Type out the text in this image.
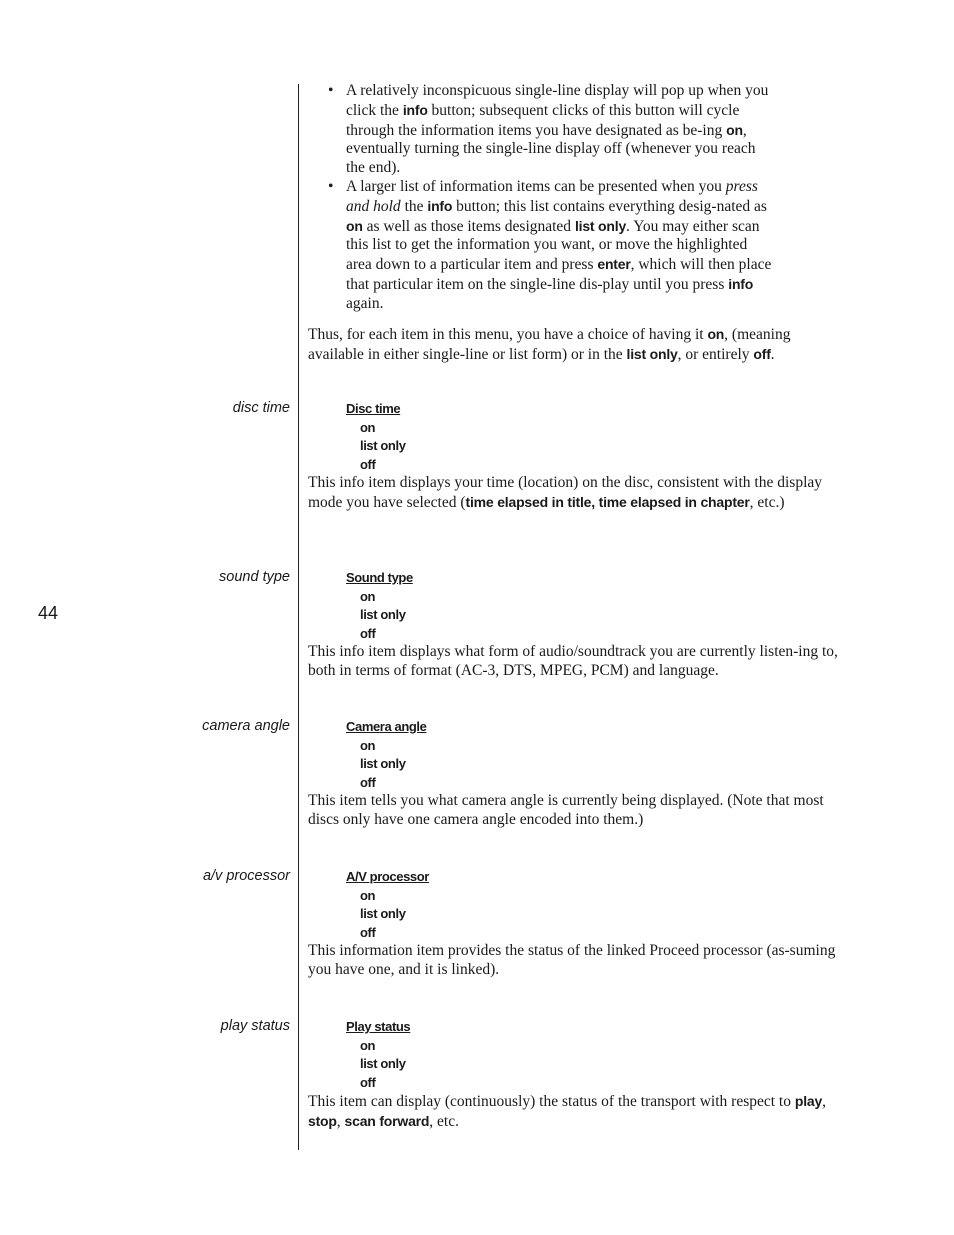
44
• A relatively inconspicuous single-line display will pop up when you click the info button; subsequent clicks of this button will cycle through the information items you have designated as be-ing on, eventually turning the single-line display off (whenever you reach the end).
• A larger list of information items can be presented when you press and hold the info button; this list contains everything desig-nated as on as well as those items designated list only. You may either scan this list to get the information you want, or move the highlighted area down to a particular item and press enter, which will then place that particular item on the single-line dis-play until you press info again.
Thus, for each item in this menu, you have a choice of having it on, (meaning available in either single-line or list form) or in the list only, or entirely off.
disc time	Disc time
on
list only
off
This info item displays your time (location) on the disc, consistent with the display mode you have selected (time elapsed in title, time elapsed in chapter, etc.)
sound type	Sound type
on
list only
off
This info item displays what form of audio/soundtrack you are currently listen-ing to, both in terms of format (AC-3, DTS, MPEG, PCM) and language.
camera angle	Camera angle
on
list only
off
This item tells you what camera angle is currently being displayed. (Note that most discs only have one camera angle encoded into them.)
a/v processor	A/V processor
on
list only
off
This information item provides the status of the linked Proceed processor (as-suming you have one, and it is linked).
play status	Play status
on
list only
off
This item can display (continuously) the status of the transport with respect to play, stop, scan forward, etc.
